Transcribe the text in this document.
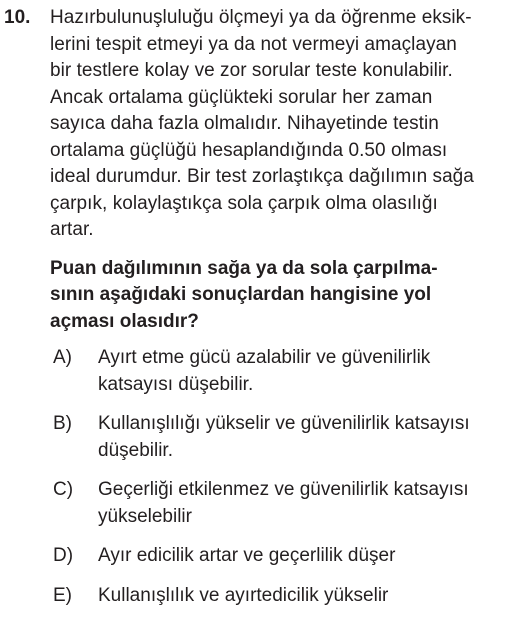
10. Hazırbulunuşluluğu ölçmeyi ya da öğrenme eksik-
lerini tespit etmeyi ya da not vermeyi amaçlayan
bir testlere kolay ve zor sorular teste konulabilir.
Ancak ortalama güçlükteki sorular her zaman
sayıca daha fazla olmalıdır. Nihayetinde testin
ortalama güçlüğü hesaplandığında 0.50 olması
ideal durumdur. Bir test zorlaştıkça dağılımın sağa
çarpık, kolaylaştıkça sola çarpık olma olasılığı
artar.
Puan dağılımının sağa ya da sola çarpılma-
sının aşağıdaki sonuçlardan hangisine yol
açması olasıdır?
A) Ayırt etme gücü azalabilir ve güvenilirlik
katsayısı düşebilir.
B) Kullanışlılığı yükselir ve güvenilirlik katsayısı
düşebilir.
C) Geçerliği etkilenmez ve güvenilirlik katsayısı
yükselebilir
D) Ayır edicilik artar ve geçerlilik düşer
E) Kullanışlılık ve ayırtedicilik yükselir
